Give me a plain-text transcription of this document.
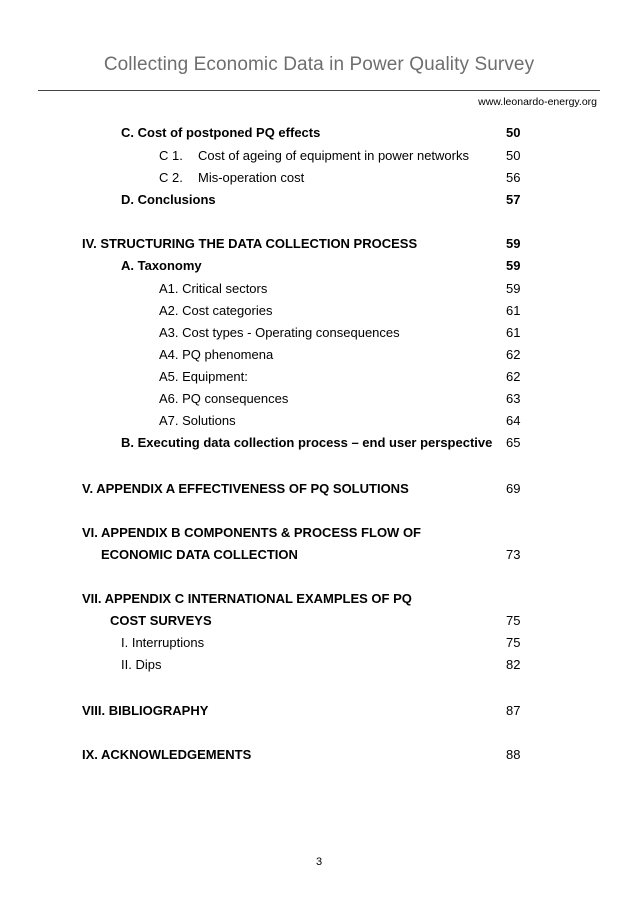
Collecting Economic Data in Power Quality Survey
www.leonardo-energy.org
C. Cost of postponed PQ effects	50
C 1. Cost of ageing of equipment in power networks	50
C 2. Mis-operation cost	56
D. Conclusions	57
IV. STRUCTURING THE DATA COLLECTION PROCESS	59
A. Taxonomy	59
A1. Critical sectors	59
A2. Cost categories	61
A3. Cost types - Operating consequences	61
A4. PQ phenomena	62
A5. Equipment:	62
A6. PQ consequences	63
A7. Solutions	64
B. Executing data collection process – end user perspective 65
V. APPENDIX A EFFECTIVENESS OF PQ SOLUTIONS	69
VI. APPENDIX B COMPONENTS & PROCESS FLOW OF
ECONOMIC DATA COLLECTION	73
VII. APPENDIX C INTERNATIONAL EXAMPLES OF PQ
COST SURVEYS	75
I. Interruptions	75
II. Dips	82
VIII. BIBLIOGRAPHY	87
IX. ACKNOWLEDGEMENTS	88
3
